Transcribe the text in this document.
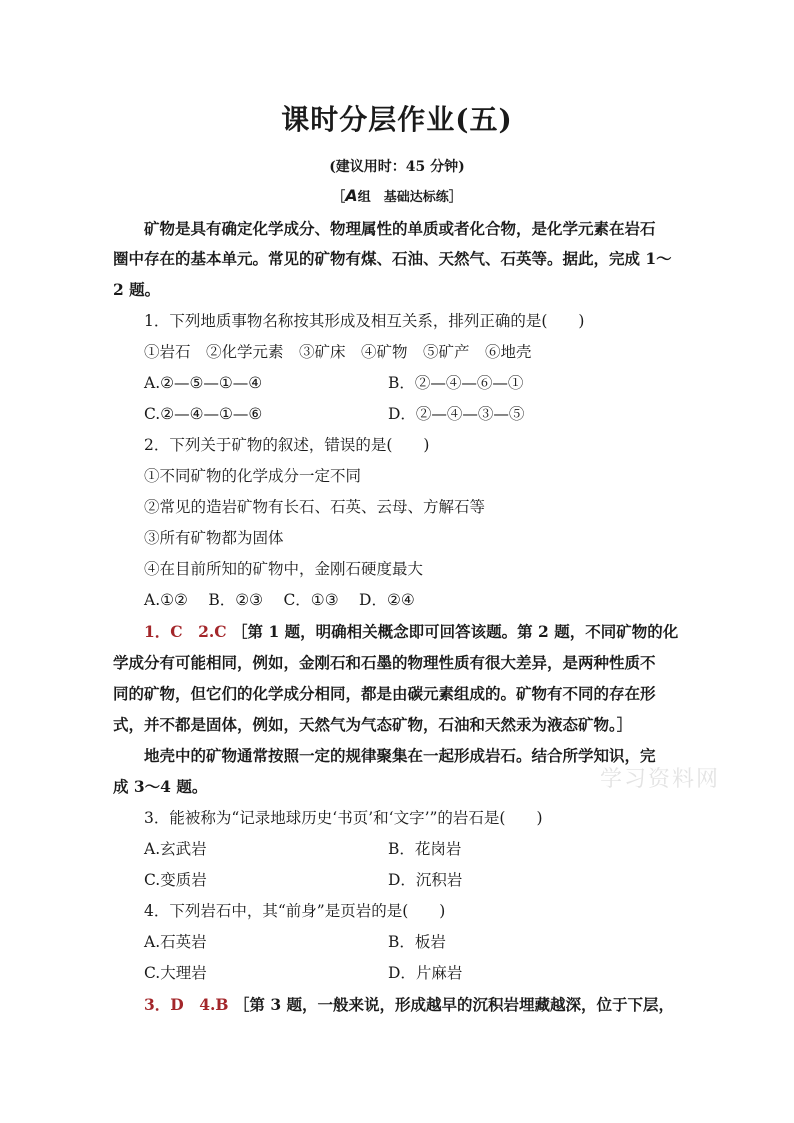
课时分层作业(五)
(建议用时：45 分钟)
［A组　基础达标练］
矿物是具有确定化学成分、物理属性的单质或者化合物，是化学元素在岩石
圈中存在的基本单元。常见的矿物有煤、石油、天然气、石英等。据此，完成 1～
2 题。
1．下列地质事物名称按其形成及相互关系，排列正确的是(　　)
①岩石　②化学元素　③矿床　④矿物　⑤矿产　⑥地壳
A.②—⑤—①—④	B．②—④—⑥—①
C.②—④—①—⑥	D．②—④—③—⑤
2．下列关于矿物的叙述，错误的是(　　)
①不同矿物的化学成分一定不同
②常见的造岩矿物有长石、石英、云母、方解石等
③所有矿物都为固体
④在目前所知的矿物中，金刚石硬度最大
A.①②　 B．②③　 C．①③　 D．②④
1．C　2.C ［第 1 题，明确相关概念即可回答该题。第 2 题，不同矿物的化
学成分有可能相同，例如，金刚石和石墨的物理性质有很大差异，是两种性质不
同的矿物，但它们的化学成分相同，都是由碳元素组成的。矿物有不同的存在形
式，并不都是固体，例如，天然气为气态矿物，石油和天然汞为液态矿物。］
地壳中的矿物通常按照一定的规律聚集在一起形成岩石。结合所学知识，完
成 3～4 题。	学习资料网
3．能被称为“记录地球历史‘书页’和‘文字’”的岩石是(　　)
A.玄武岩	B．花岗岩
C.变质岩	D．沉积岩
4．下列岩石中，其“前身”是页岩的是(　　)
A.石英岩	B．板岩
C.大理岩	D．片麻岩
3．D　4.B ［第 3 题，一般来说，形成越早的沉积岩埋藏越深，位于下层，
